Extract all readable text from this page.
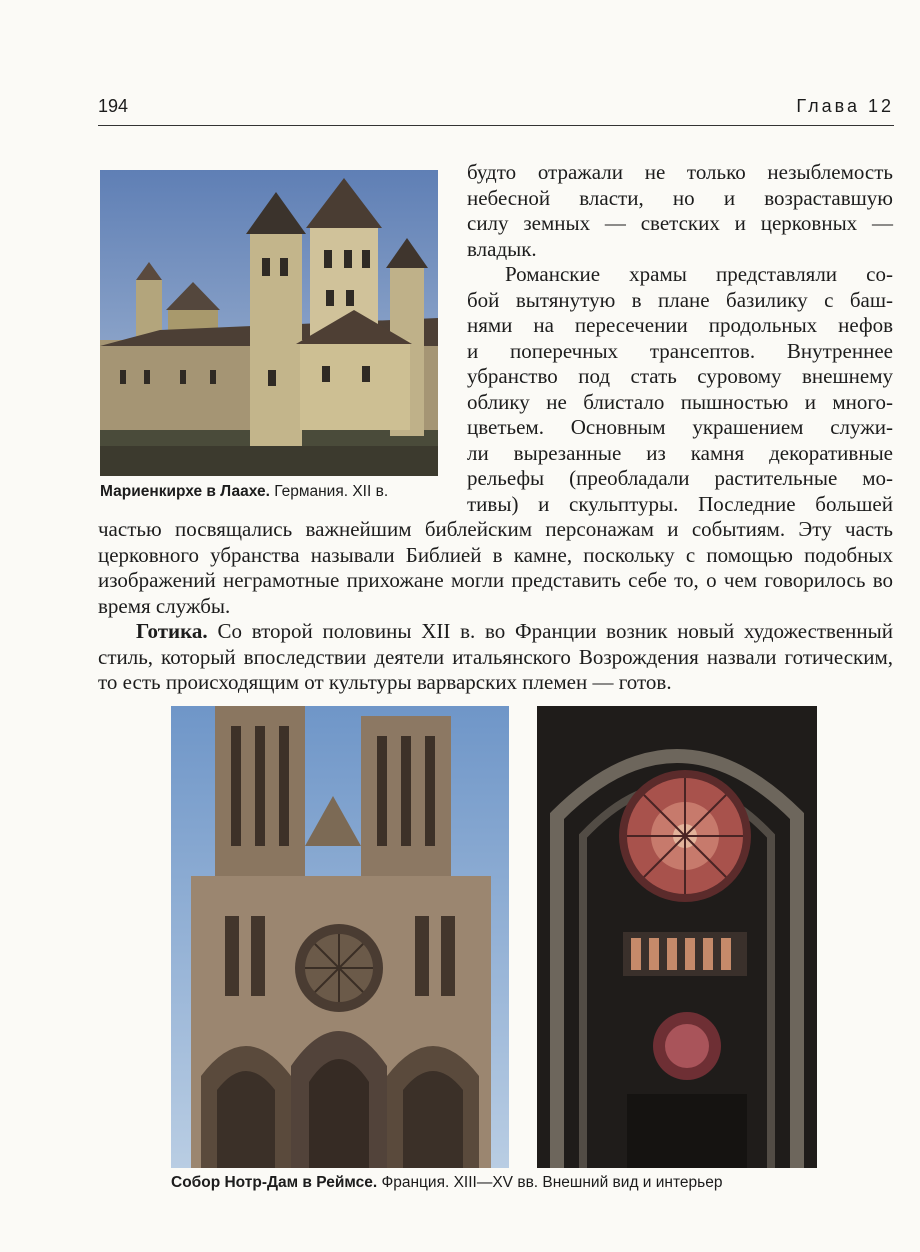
194	Глава 12
Мариенкирхе в Лаахе. Германия. XII в.

будто отражали не только незыблемость

небесной власти, но и возраставшую

силу земных — светских и церковных —

владык.

Романские храмы представляли со-

бой вытянутую в плане базилику с баш-

нями на пересечении продольных нефов

и поперечных трансептов. Внутреннее

убранство под стать суровому внешнему

облику не блистало пышностью и много-

цветьем. Основным украшением служи-

ли вырезанные из камня декоративные

рельефы (преобладали растительные мо-

тивы) и скульптуры. Последние большей

частью посвящались важнейшим библейским персонажам и событиям. Эту часть церковного убранства называли Библией в камне, поскольку с помощью подобных изображений неграмотные прихожане могли представить себе то, о чем говорилось во время службы.

Готика. Со второй половины XII в. во Франции возник новый художественный стиль, который впоследствии деятели итальянского Возрождения назвали готическим, то есть происходящим от культуры варварских племен — готов.

Собор Нотр-Дам в Реймсе. Франция. XIII—XV вв. Внешний вид и интерьер
